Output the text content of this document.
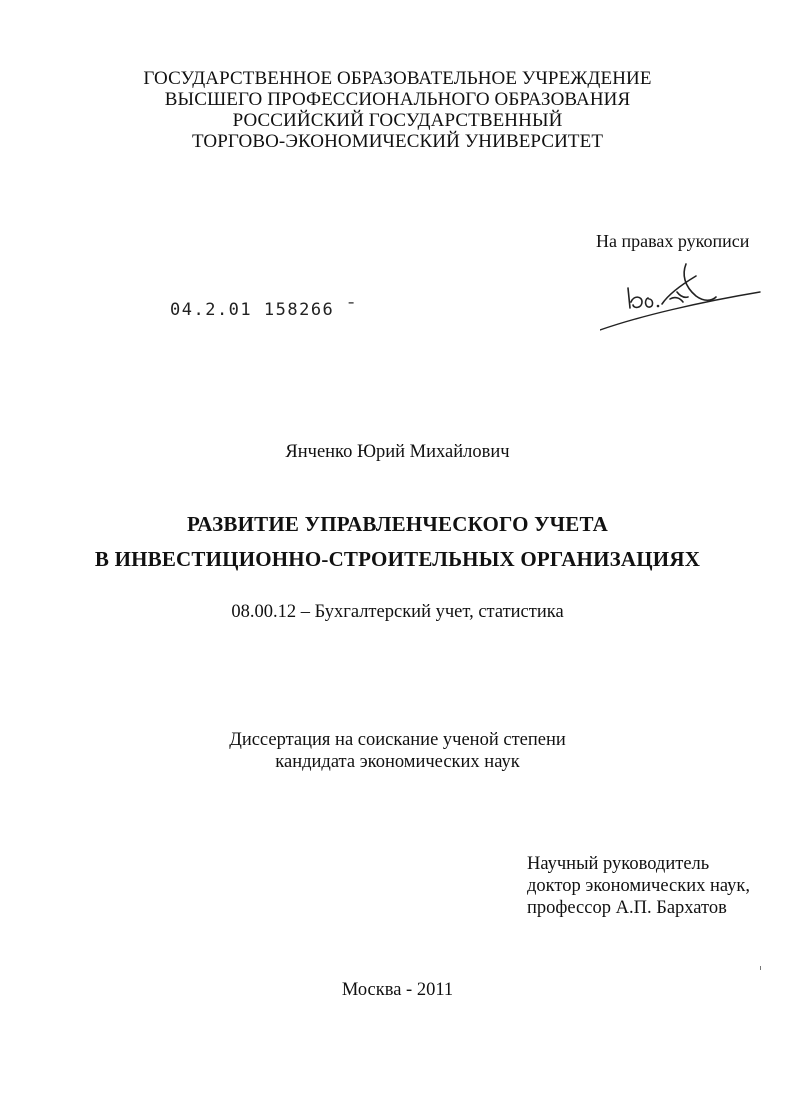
ГОСУДАРСТВЕННОЕ ОБРАЗОВАТЕЛЬНОЕ УЧРЕЖДЕНИЕ
ВЫСШЕГО ПРОФЕССИОНАЛЬНОГО ОБРАЗОВАНИЯ
РОССИЙСКИЙ ГОСУДАРСТВЕННЫЙ
ТОРГОВО-ЭКОНОМИЧЕСКИЙ УНИВЕРСИТЕТ
На правах рукописи
04.2.01 158266 ¯
Янченко Юрий Михайлович
РАЗВИТИЕ УПРАВЛЕНЧЕСКОГО УЧЕТА
В ИНВЕСТИЦИОННО-СТРОИТЕЛЬНЫХ ОРГАНИЗАЦИЯХ
08.00.12 – Бухгалтерский учет, статистика
Диссертация на соискание ученой степени
кандидата экономических наук
Научный руководитель
доктор экономических наук,
профессор А.П. Бархатов
Москва - 2011
